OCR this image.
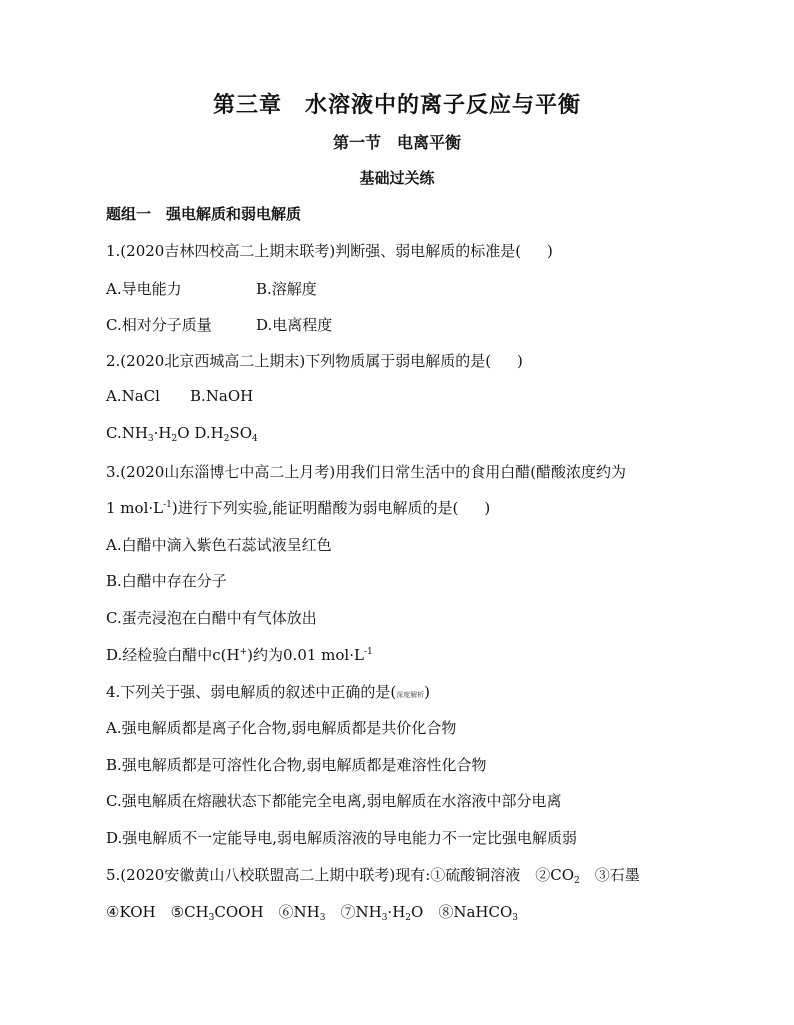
第三章　水溶液中的离子反应与平衡
第一节　电离平衡
基础过关练
题组一　强电解质和弱电解质
1.(2020吉林四校高二上期末联考)判断强、弱电解质的标准是( )
A.导电能力	B.溶解度
C.相对分子质量	D.电离程度
2.(2020北京西城高二上期末)下列物质属于弱电解质的是( )
A.NaCl B.NaOH
$C.NH_3\cdot H_2O$ $D.H_2SO_4$
3.(2020山东淄博七中高二上月考)用我们日常生活中的食用白醋(醋酸浓度约为
1 $mol\cdot L^{-1}$)进行下列实验,能证明醋酸为弱电解质的是( )
A.白醋中滴入紫色石蕊试液呈红色
B.白醋中存在分子
C.蛋壳浸泡在白醋中有气体放出
D.经检验白醋中c(H+)约为0.01 $mol\cdot L^{-1}$
4.下列关于强、弱电解质的叙述中正确的是(深度解析)
A.强电解质都是离子化合物,弱电解质都是共价化合物
B.强电解质都是可溶性化合物,弱电解质都是难溶性化合物
C.强电解质在熔融状态下都能完全电离,弱电解质在水溶液中部分电离
D.强电解质不一定能导电,弱电解质溶液的导电能力不一定比强电解质弱
5.(2020安徽黄山八校联盟高二上期中联考)现有:①硫酸铜溶液　$②CO_2$　③石墨
④KOH　$⑤CH_3COOH$　$⑥NH_3$　$⑦NH_3\cdot H_2O$　⑧NaHCO$_3$
